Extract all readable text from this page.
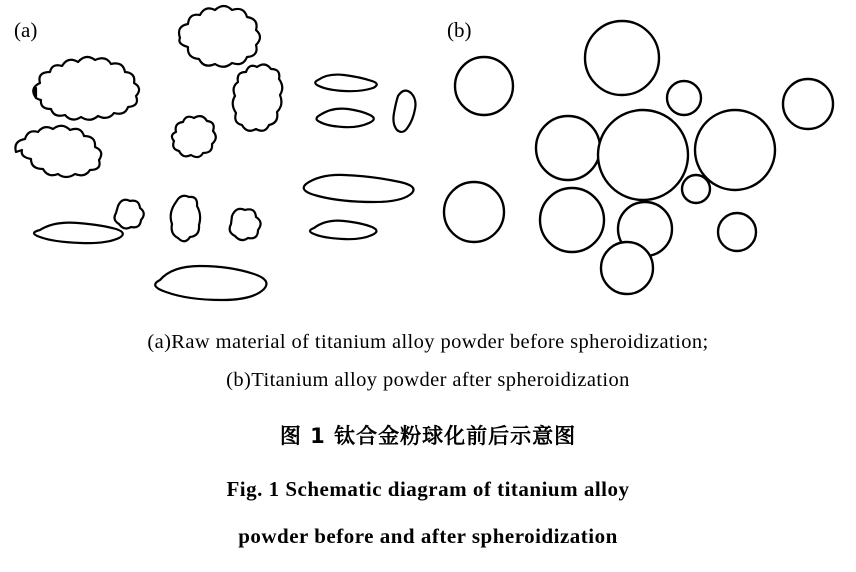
(a)	(b)
(a)Raw material of titanium alloy powder before spheroidization;
(b)Titanium alloy powder after spheroidization
图 1 钛合金粉球化前后示意图
Fig. 1 Schematic diagram of titanium alloy
powder before and after spheroidization
